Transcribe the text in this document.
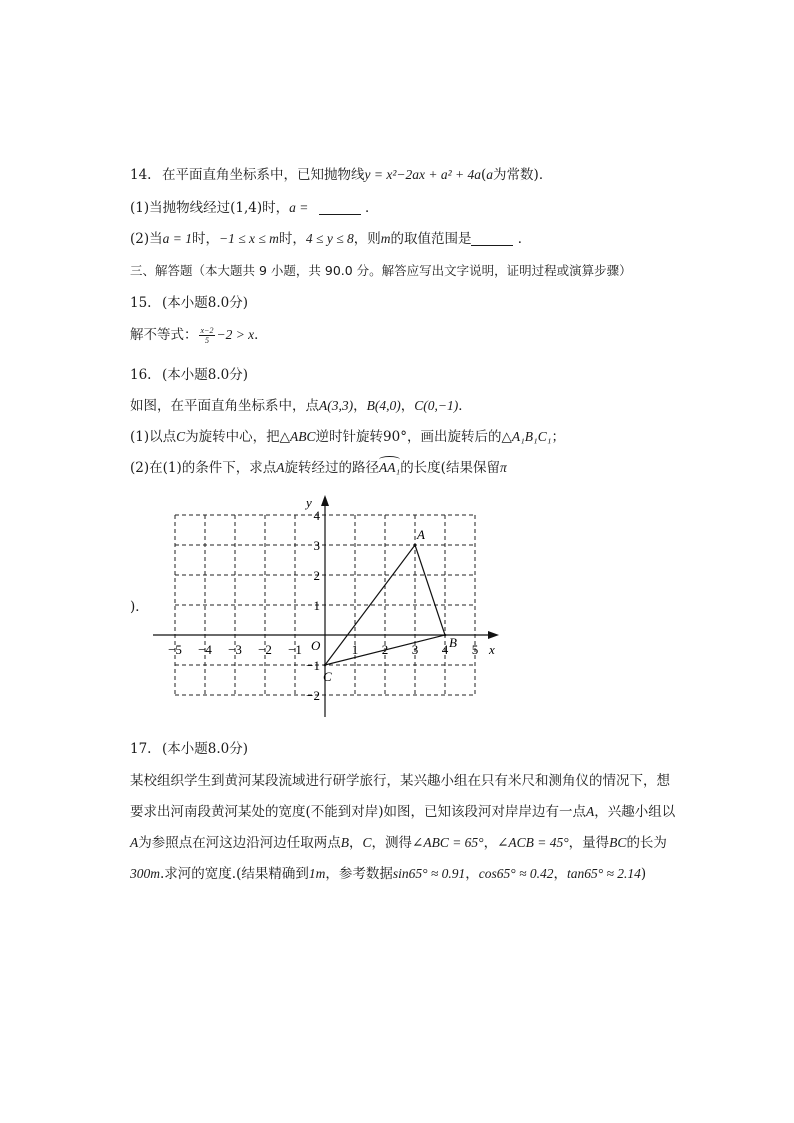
14. 在平面直角坐标系中，已知抛物线y = x²−2ax + a² + 4a(a为常数)．
(1)当抛物线经过(1,4)时，a =	．
(2)当a = 1时，−1 ≤ x ≤ m时，4 ≤ y ≤ 8，则m的取值范围是	．
三、解答题（本大题共 9 小题，共 90.0 分。解答应写出文字说明，证明过程或演算步骤）
15. (本小题8.0分)
解不等式： $\frac{x-2}{5} -2 > x$．
16. (本小题8.0分)
如图，在平面直角坐标系中，点A(3,3)，B(4,0)，C(0,−1)．
(1)以点C为旋转中心，把△ABC逆时针旋转90°，画出旋转后的△A₁B₁C₁；
(2)在(1)的条件下，求点A旋转经过的路径AA₁的长度(结果保留π
)．
x
y
O
−5 −4 −3 −2 −1	1 2 3 4 5
4
3
2
1
−1
−2
A
B
C
17. (本小题8.0分)
某校组织学生到黄河某段流域进行研学旅行，某兴趣小组在只有米尺和测角仪的情况下，想
要求出河南段黄河某处的宽度(不能到对岸)如图，已知该段河对岸岸边有一点A，兴趣小组以
A为参照点在河这边沿河边任取两点B，C，测得∠ABC = 65°，∠ACB = 45°，量得BC的长为
300m.求河的宽度.(结果精确到1m，参考数据sin65° ≈ 0.91，cos65° ≈ 0.42，tan65° ≈ 2.14)
